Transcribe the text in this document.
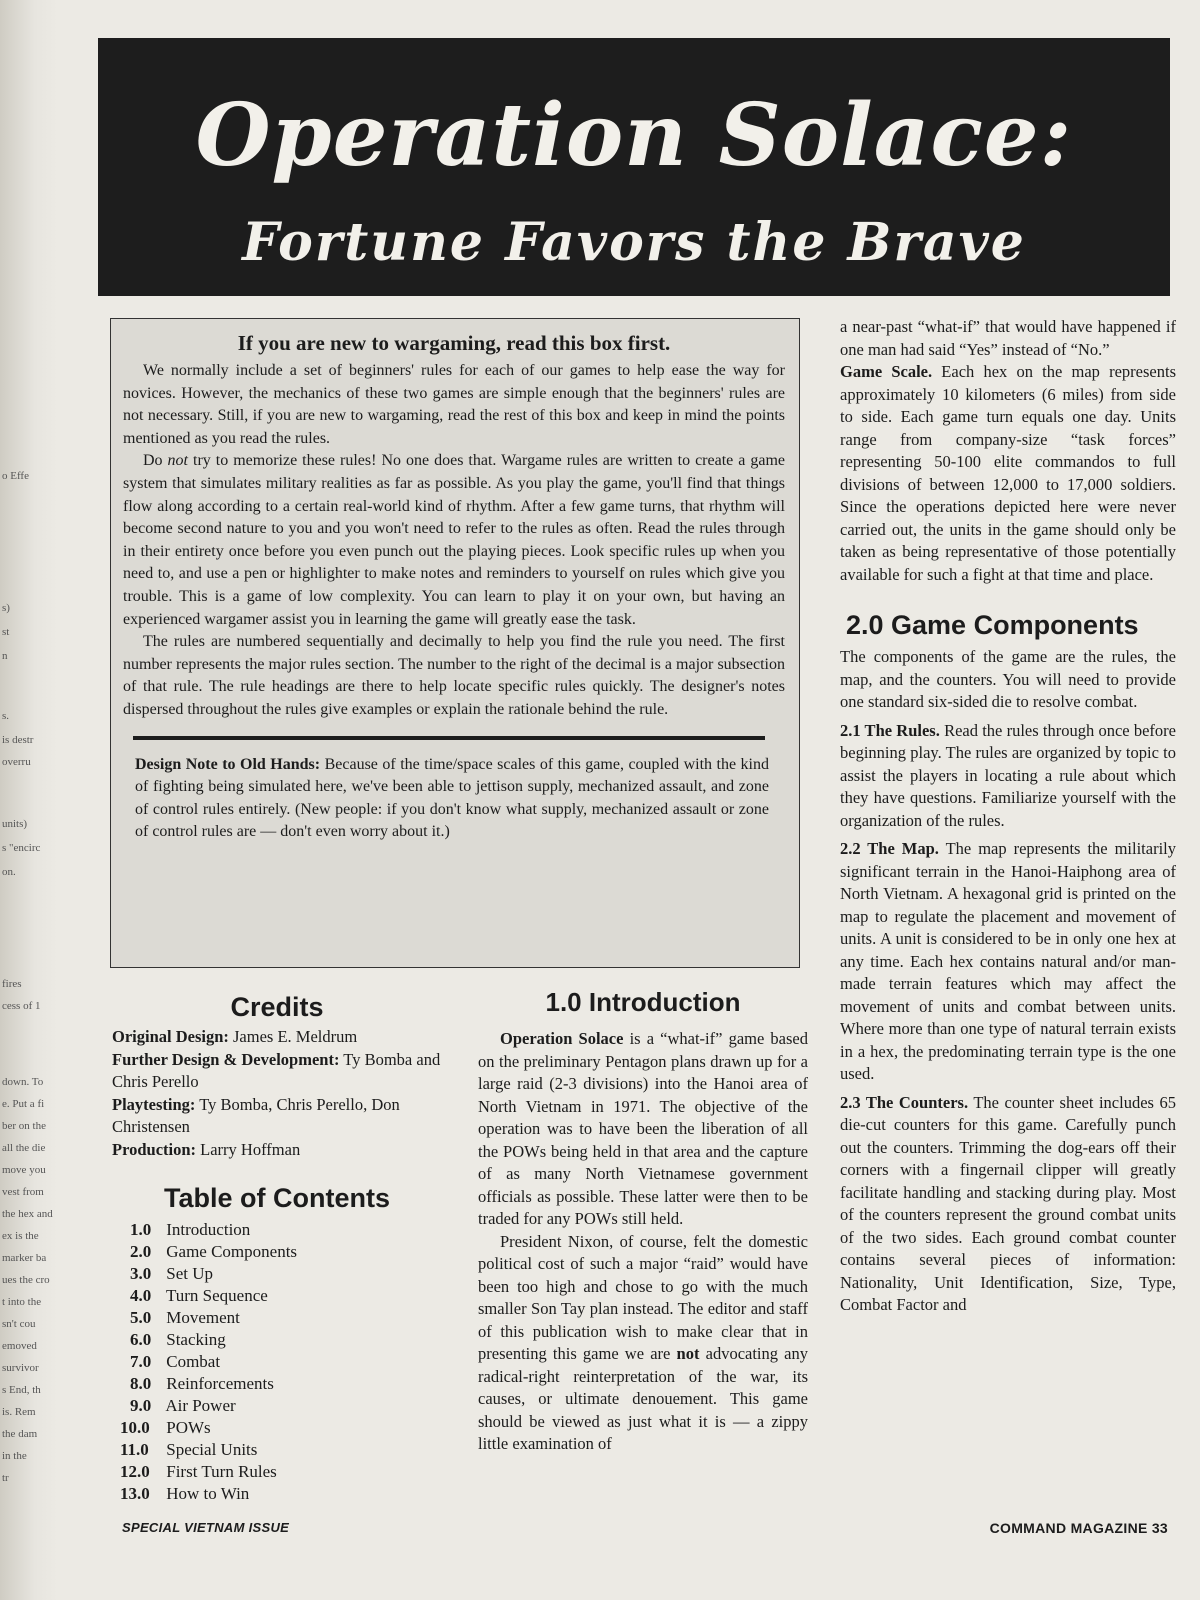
o Effe
s)
st
n
s.
is destr
overru
units)
s "encirc
on.
fires
cess of 1
down. To
e. Put a fi
ber on the
all the die
move you
vest from
the hex and
ex is the
marker ba
ues the cro
t into the
sn't cou
emoved
survivor
s End, th
is. Rem
the dam
in the
tr
Operation Solace:
Fortune Favors the Brave
If you are new to wargaming, read this box first.

We normally include a set of beginners' rules for each of our games to help ease the way for novices. However, the mechanics of these two games are simple enough that the beginners' rules are not necessary. Still, if you are new to wargaming, read the rest of this box and keep in mind the points mentioned as you read the rules.

Do not try to memorize these rules! No one does that. Wargame rules are written to create a game system that simulates military realities as far as possible. As you play the game, you'll find that things flow along according to a certain real-world kind of rhythm. After a few game turns, that rhythm will become second nature to you and you won't need to refer to the rules as often. Read the rules through in their entirety once before you even punch out the playing pieces. Look specific rules up when you need to, and use a pen or highlighter to make notes and reminders to yourself on rules which give you trouble. This is a game of low complexity. You can learn to play it on your own, but having an experienced wargamer assist you in learning the game will greatly ease the task.

The rules are numbered sequentially and decimally to help you find the rule you need. The first number represents the major rules section. The number to the right of the decimal is a major subsection of that rule. The rule headings are there to help locate specific rules quickly. The designer's notes dispersed throughout the rules give examples or explain the rationale behind the rule.

Design Note to Old Hands: Because of the time/space scales of this game, coupled with the kind of fighting being simulated here, we've been able to jettison supply, mechanized assault, and zone of control rules entirely. (New people: if you don't know what supply, mechanized assault or zone of control rules are — don't even worry about it.)

Credits

Original Design: James E. Meldrum

Further Design & Development: Ty Bomba and Chris Perello

Playtesting: Ty Bomba, Chris Perello, Don Christensen

Production: Larry Hoffman

Table of Contents
1.0 Introduction
2.0 Game Components
3.0 Set Up
4.0 Turn Sequence
5.0 Movement
6.0 Stacking
7.0 Combat
8.0 Reinforcements
9.0 Air Power
10.0 POWs
11.0 Special Units
12.0 First Turn Rules
13.0 How to Win
1.0 Introduction

Operation Solace is a “what-if” game based on the preliminary Pentagon plans drawn up for a large raid (2-3 divisions) into the Hanoi area of North Vietnam in 1971. The objective of the operation was to have been the liberation of all the POWs being held in that area and the capture of as many North Vietnamese government officials as possible. These latter were then to be traded for any POWs still held.

President Nixon, of course, felt the domestic political cost of such a major “raid” would have been too high and chose to go with the much smaller Son Tay plan instead. The editor and staff of this publication wish to make clear that in presenting this game we are not advocating any radical-right reinterpretation of the war, its causes, or ultimate denouement. This game should be viewed as just what it is — a zippy little examination of

a near-past “what-if” that would have happened if one man had said “Yes” instead of “No.”

Game Scale. Each hex on the map represents approximately 10 kilometers (6 miles) from side to side. Each game turn equals one day. Units range from company-size “task forces” representing 50-100 elite commandos to full divisions of between 12,000 to 17,000 soldiers. Since the operations depicted here were never carried out, the units in the game should only be taken as being representative of those potentially available for such a fight at that time and place.

2.0 Game Components

The components of the game are the rules, the map, and the counters. You will need to provide one standard six-sided die to resolve combat.

2.1 The Rules. Read the rules through once before beginning play. The rules are organized by topic to assist the players in locating a rule about which they have questions. Familiarize yourself with the organization of the rules.

2.2 The Map. The map represents the militarily significant terrain in the Hanoi-Haiphong area of North Vietnam. A hexagonal grid is printed on the map to regulate the placement and movement of units. A unit is considered to be in only one hex at any time. Each hex contains natural and/or man-made terrain features which may affect the movement of units and combat between units. Where more than one type of natural terrain exists in a hex, the predominating terrain type is the one used.

2.3 The Counters. The counter sheet includes 65 die-cut counters for this game. Carefully punch out the counters. Trimming the dog-ears off their corners with a fingernail clipper will greatly facilitate handling and stacking during play. Most of the counters represent the ground combat units of the two sides. Each ground combat counter contains several pieces of information: Nationality, Unit Identification, Size, Type, Combat Factor and

SPECIAL VIETNAM ISSUE	COMMAND MAGAZINE 33
